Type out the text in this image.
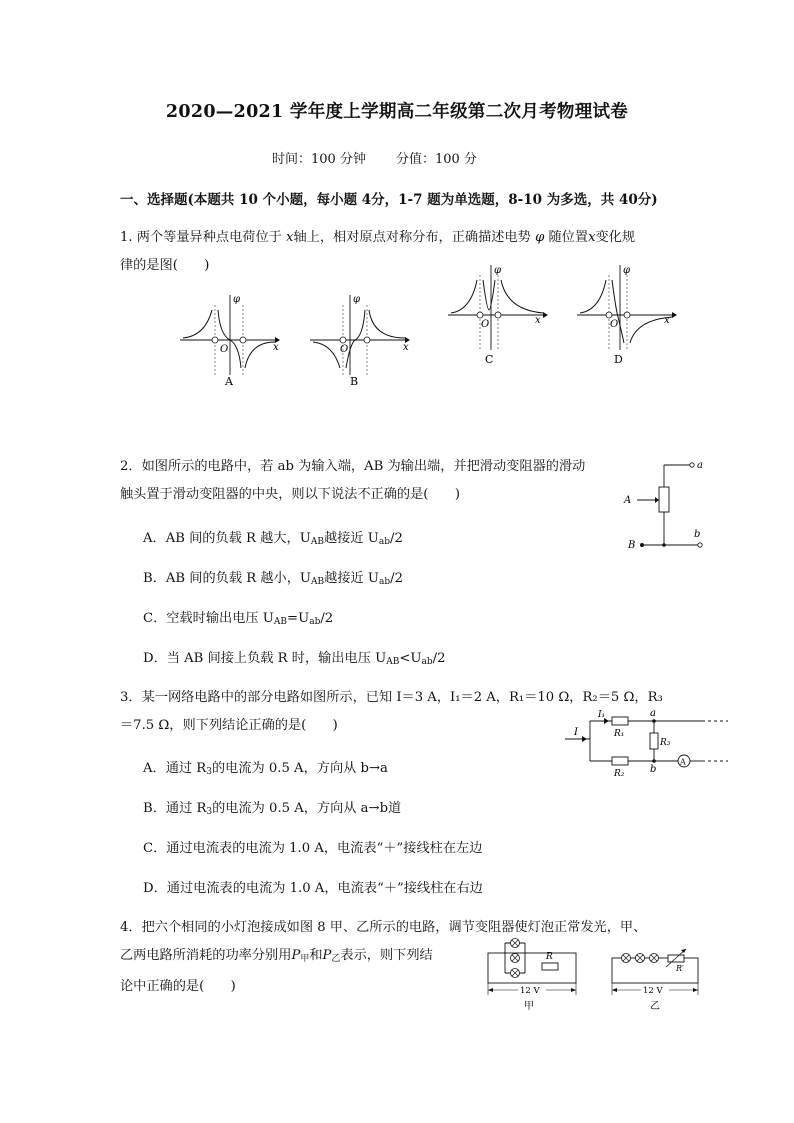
2020—2021 学年度上学期高二年级第二次月考物理试卷
时间：100 分钟 分值：100 分
一、选择题(本题共 10 个小题，每小题 4分，1-7 题为单选题，8-10 为多选，共 40分)
1. 两个等量异种点电荷位于 x轴上，相对原点对称分布，正确描述电势 φ 随位置x变化规
律的是图(　　)
φ
O	x
A
φ
O	x
B
φ
O	x
C
φ
O	x
D
2．如图所示的电路中，若 ab 为输入端，AB 为输出端，并把滑动变阻器的滑动
触头置于滑动变阻器的中央，则以下说法不正确的是(　　)
A．AB 间的负载 R 越大，$U_{AB}$越接近 $U_{ab}/2$
B．AB 间的负载 R 越小，$U_{AB}$越接近 $U_{ab}/2$
C．空载时输出电压 $U_{AB}=U_{ab}/2$
D．当 AB 间接上负载 R 时，输出电压 $U_{AB}<U_{ab}/2$
a
A
B
b
3．某一网络电路中的部分电路如图所示，已知 I＝3 A，I₁＝2 A，R₁＝10 Ω，R₂＝5 Ω，R₃
＝7.5 Ω，则下列结论正确的是(　　)
A．通过 $R_3$的电流为 0.5 A，方向从 b→a
B．通过 $R_3$的电流为 0.5 A，方向从 a→b道
C．通过电流表的电流为 1.0 A，电流表“＋”接线柱在左边
D．通过电流表的电流为 1.0 A，电流表“＋”接线柱在右边
I
I₁
R₁
a
R₃
b
R₂
A
4．把六个相同的小灯泡接成如图 8 甲、乙所示的电路，调节变阻器使灯泡正常发光，甲、
乙两电路所消耗的功率分别用$P_甲$和$P_乙$表示，则下列结
论中正确的是(　　)
R
12 V
甲
R′
12 V
乙
